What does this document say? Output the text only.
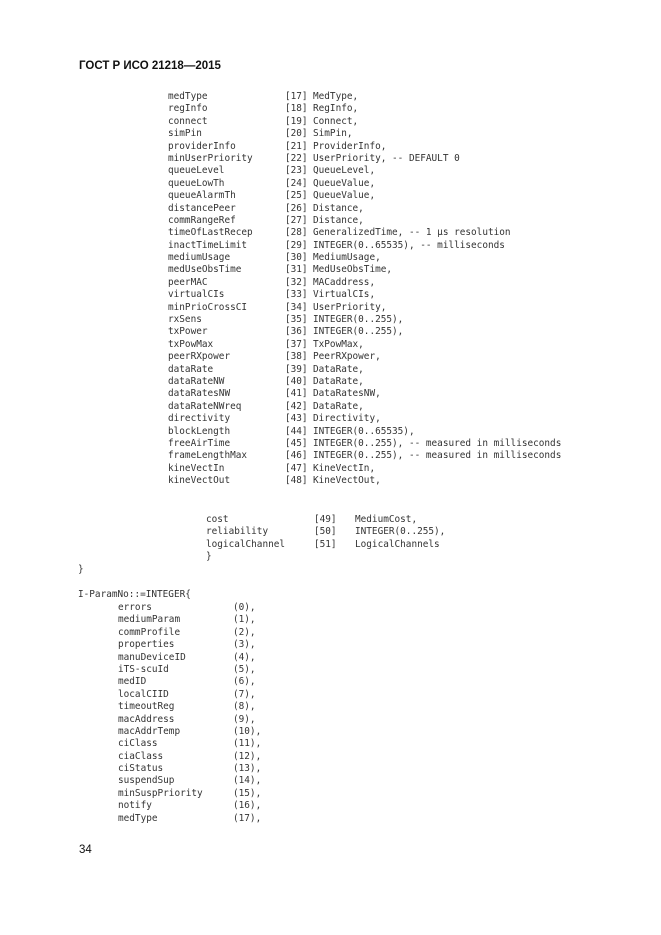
ГОСТ Р ИСО 21218—2015
medType	[17] MedType,
regInfo	[18] RegInfo,
connect	[19] Connect,
simPin	[20] SimPin,
providerInfo	[21] ProviderInfo,
minUserPriority	[22] UserPriority, -- DEFAULT 0
queueLevel	[23] QueueLevel,
queueLowTh	[24] QueueValue,
queueAlarmTh	[25] QueueValue,
distancePeer	[26] Distance,
commRangeRef	[27] Distance,
timeOfLastRecep	[28] GeneralizedTime, -- 1 μs resolution
inactTimeLimit	[29] INTEGER(0..65535), -- milliseconds
mediumUsage	[30] MediumUsage,
medUseObsTime	[31] MedUseObsTime,
peerMAC	[32] MACaddress,
virtualCIs	[33] VirtualCIs,
minPrioCrossCI	[34] UserPriority,
rxSens	[35] INTEGER(0..255),
txPower	[36] INTEGER(0..255),
txPowMax	[37] TxPowMax,
peerRXpower	[38] PeerRXpower,
dataRate	[39] DataRate,
dataRateNW	[40] DataRate,
dataRatesNW	[41] DataRatesNW,
dataRateNWreq	[42] DataRate,
directivity	[43] Directivity,
blockLength	[44] INTEGER(0..65535),
freeAirTime	[45] INTEGER(0..255), -- measured in milliseconds
frameLengthMax	[46] INTEGER(0..255), -- measured in milliseconds
kineVectIn	[47] KineVectIn,
kineVectOut	[48] KineVectOut,
cost	[49] MediumCost,
reliability	[50] INTEGER(0..255),
logicalChannel	[51] LogicalChannels
}
}
I-ParamNo::=INTEGER{
errors	(0),
mediumParam	(1),
commProfile	(2),
properties	(3),
manuDeviceID	(4),
iTS-scuId	(5),
medID	(6),
localCIID	(7),
timeoutReg	(8),
macAddress	(9),
macAddrTemp	(10),
ciClass	(11),
ciaClass	(12),
ciStatus	(13),
suspendSup	(14),
minSuspPriority	(15),
notify	(16),
medType	(17),
34
